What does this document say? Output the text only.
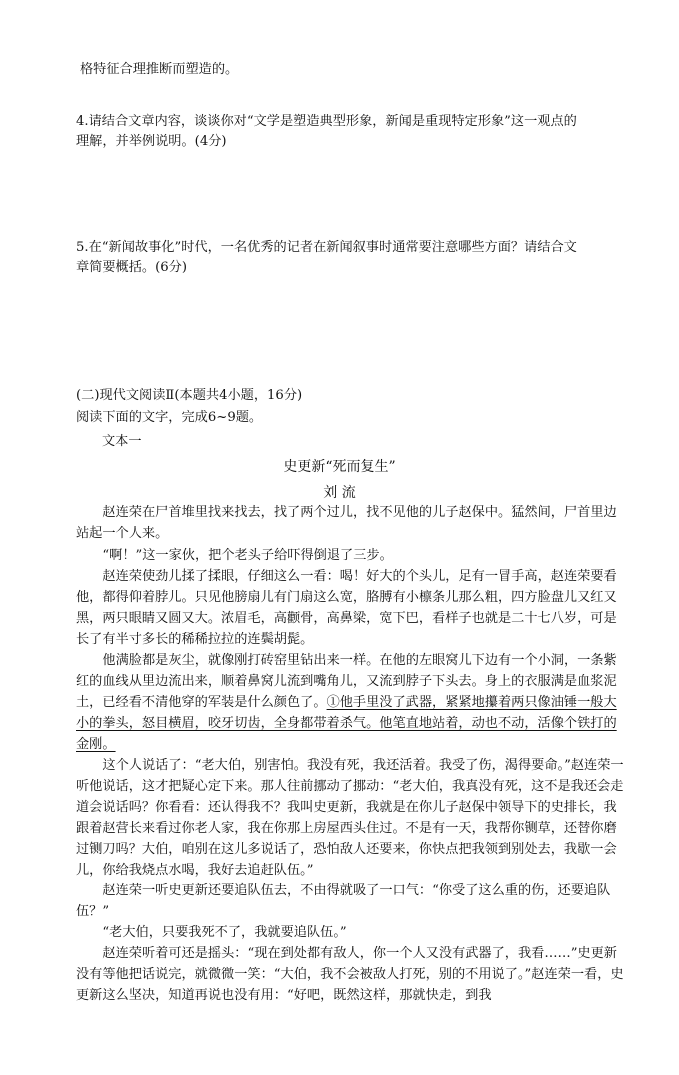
格特征合理推断而塑造的。

4.请结合文章内容，谈谈你对“文学是塑造典型形象，新闻是重现特定形象”这一观点的

理解，并举例说明。(4分)

5.在“新闻故事化”时代，一名优秀的记者在新闻叙事时通常要注意哪些方面？请结合文

章简要概括。(6分)

(二)现代文阅读Ⅱ(本题共4小题，16分)

阅读下面的文字，完成6~9题。

文本一

史更新“死而复生”

刘 流

赵连荣在尸首堆里找来找去，找了两个过儿，找不见他的儿子赵保中。猛然间，尸首里边站起一个人来。

“啊！”这一家伙，把个老头子给吓得倒退了三步。

赵连荣使劲儿揉了揉眼，仔细这么一看：喝！好大的个头儿，足有一冒手高，赵连荣要看他，都得仰着脖儿。只见他膀扇儿有门扇这么宽，胳膊有小檩条儿那么粗，四方脸盘儿又红又黑，两只眼睛又圆又大。浓眉毛，高颧骨，高鼻梁，宽下巴，看样子也就是二十七八岁，可是长了有半寸多长的稀稀拉拉的连鬓胡髭。

他满脸都是灰尘，就像刚打砖窑里钻出来一样。在他的左眼窝儿下边有一个小洞，一条紫红的血线从里边流出来，顺着鼻窝儿流到嘴角儿，又流到脖子下头去。身上的衣服满是血浆泥土，已经看不清他穿的军装是什么颜色了。①他手里没了武器，紧紧地攥着两只像油锤一般大小的拳头，怒目横眉，咬牙切齿，全身都带着杀气。他笔直地站着，动也不动，活像个铁打的金刚。

这个人说话了：“老大伯，别害怕。我没有死，我还活着。我受了伤，渴得要命。”赵连荣一听他说话，这才把疑心定下来。那人往前挪动了挪动：“老大伯，我真没有死，这不是我还会走道会说话吗？你看看：还认得我不？我叫史更新，我就是在你儿子赵保中领导下的史排长，我跟着赵营长来看过你老人家，我在你那上房屋西头住过。不是有一天，我帮你铡草，还替你磨过铡刀吗？大伯，咱别在这儿多说话了，恐怕敌人还要来，你快点把我领到别处去，我歇一会儿，你给我烧点水喝，我好去追赶队伍。”

赵连荣一听史更新还要追队伍去，不由得就吸了一口气：“你受了这么重的伤，还要追队伍？”

“老大伯，只要我死不了，我就要追队伍。”

赵连荣听着可还是摇头：“现在到处都有敌人，你一个人又没有武器了，我看……”史更新没有等他把话说完，就微微一笑：“大伯，我不会被敌人打死，别的不用说了。”赵连荣一看，史更新这么坚决，知道再说也没有用：“好吧，既然这样，那就快走，到我
